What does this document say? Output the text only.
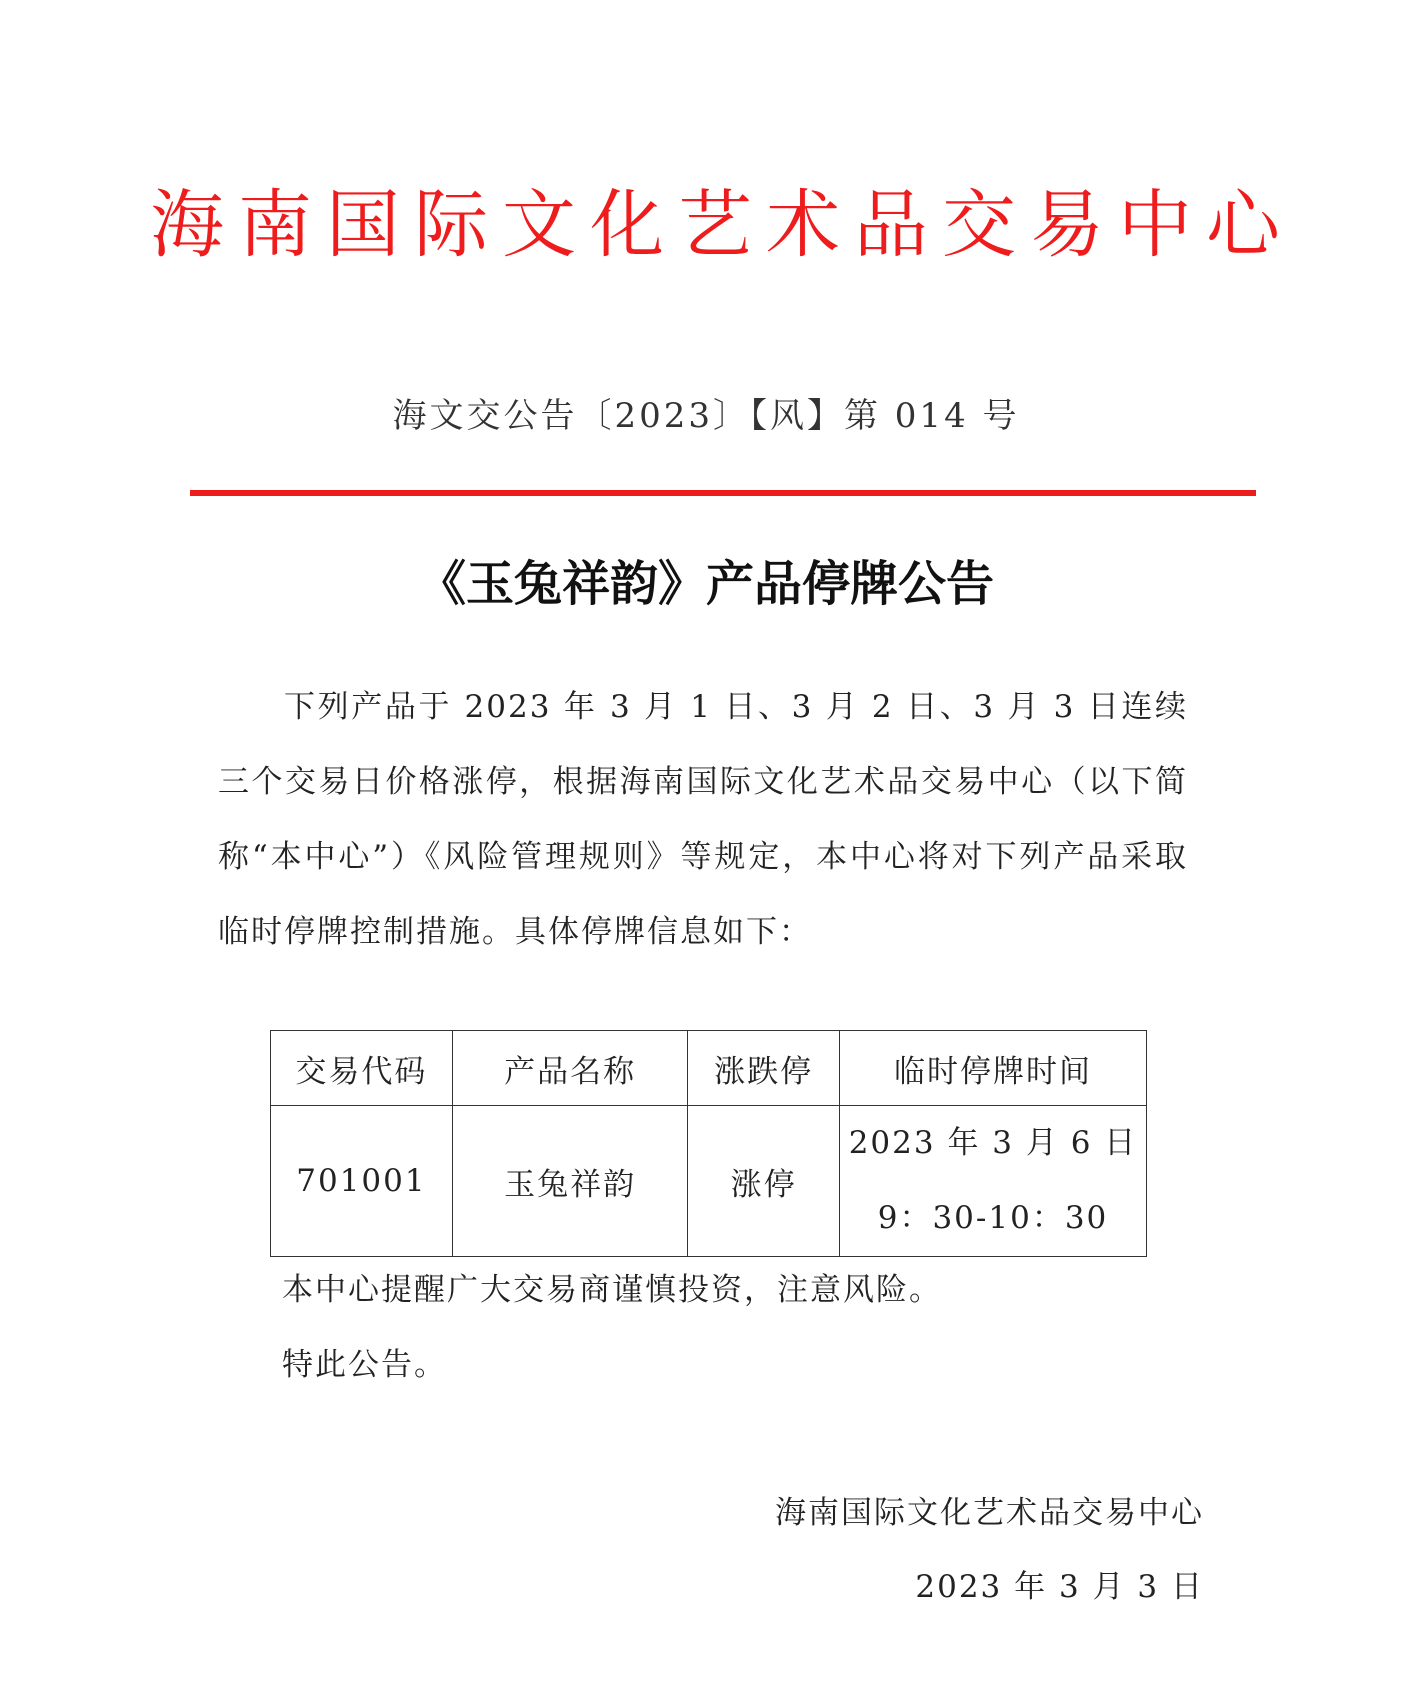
海南国际文化艺术品交易中心
海文交公告〔2023〕【风】第 014 号
《玉兔祥韵》产品停牌公告

下列产品于 2023 年 3 月 1 日、3 月 2 日、3 月 3 日连续三个交易日价格涨停，根据海南国际文化艺术品交易中心（以下简称“本中心”）《风险管理规则》等规定，本中心将对下列产品采取临时停牌控制措施。具体停牌信息如下：

交易代码	产品名称	涨跌停	临时停牌时间
701001	玉兔祥韵	涨停	2023 年 3 月 6 日
9：30-10：30
本中心提醒广大交易商谨慎投资，注意风险。
特此公告。
海南国际文化艺术品交易中心
2023 年 3 月 3 日
